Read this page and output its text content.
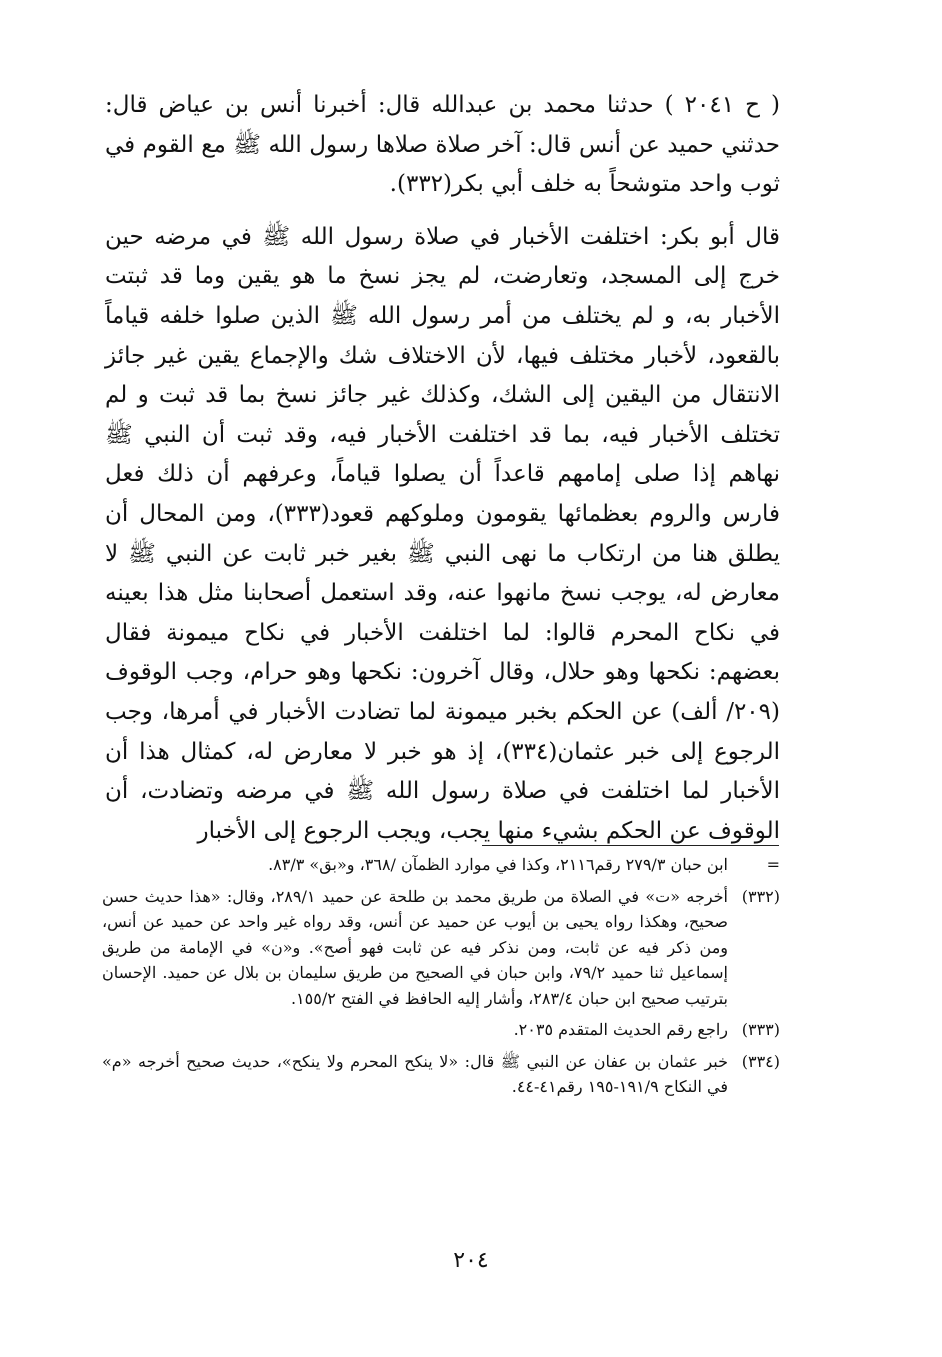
( ح ٢٠٤١ ) حدثنا محمد بن عبدالله قال: أخبرنا أنس بن عياض قال: حدثني حميد عن أنس قال: آخر صلاة صلاها رسول الله ﷺ مع القوم في ثوب واحد متوشحاً به خلف أبي بكر(٣٣٢).

قال أبو بكر: اختلفت الأخبار في صلاة رسول الله ﷺ في مرضه حين خرج إلى المسجد، وتعارضت، لم يجز نسخ ما هو يقين وما قد ثبتت الأخبار به، و لم يختلف من أمر رسول الله ﷺ الذين صلوا خلفه قياماً بالقعود، لأخبار مختلف فيها، لأن الاختلاف شك والإجماع يقين غير جائز الانتقال من اليقين إلى الشك، وكذلك غير جائز نسخ بما قد ثبت و لم تختلف الأخبار فيه، بما قد اختلفت الأخبار فيه، وقد ثبت أن النبي ﷺ نهاهم إذا صلى إمامهم قاعداً أن يصلوا قياماً، وعرفهم أن ذلك فعل فارس والروم بعظمائها يقومون وملوكهم قعود(٣٣٣)، ومن المحال أن يطلق هنا من ارتكاب ما نهى النبي ﷺ بغير خبر ثابت عن النبي ﷺ لا معارض له، يوجب نسخ مانهوا عنه، وقد استعمل أصحابنا مثل هذا بعينه في نكاح المحرم قالوا: لما اختلفت الأخبار في نكاح ميمونة فقال بعضهم: نكحها وهو حلال، وقال آخرون: نكحها وهو حرام، وجب الوقوف (٢٠٩/ ألف) عن الحكم بخبر ميمونة لما تضادت الأخبار في أمرها، وجب الرجوع إلى خبر عثمان(٣٣٤)، إذ هو خبر لا معارض له، كمثال هذا أن الأخبار لما اختلفت في صلاة رسول الله ﷺ في مرضه وتضادت، أن الوقوف عن الحكم بشيء منها يجب، ويجب الرجوع إلى الأخبار

=
ابن حبان ٢٧٩/٣ رقم٢١١٦، وكذا في موارد الظمآن /٣٦٨، و«بق» ٨٣/٣.
(٣٣٢)
أخرجه «ت» في الصلاة من طريق محمد بن طلحة عن حميد ٢٨٩/١، وقال: «هذا حديث حسن صحيح، وهكذا رواه يحيى بن أيوب عن حميد عن أنس، وقد رواه غير واحد عن حميد عن أنس، ومن ذكر فيه عن ثابت، ومن نذكر فيه عن ثابت فهو أصح». و«ن» في الإمامة من طريق إسماعيل ثنا حميد ٧٩/٢، وابن حبان في الصحيح من طريق سليمان بن بلال عن حميد. الإحسان بترتيب صحيح ابن حبان ٢٨٣/٤، وأشار إليه الحافظ في الفتح ١٥٥/٢.
(٣٣٣)
راجع رقم الحديث المتقدم ٢٠٣٥.
(٣٣٤)
خبر عثمان بن عفان عن النبي ﷺ قال: «لا ينكح المحرم ولا ينكح»، حديث صحيح أخرجه «م» في النكاح ١٩١/٩-١٩٥ رقم٤١-٤٤.
٢٠٤
